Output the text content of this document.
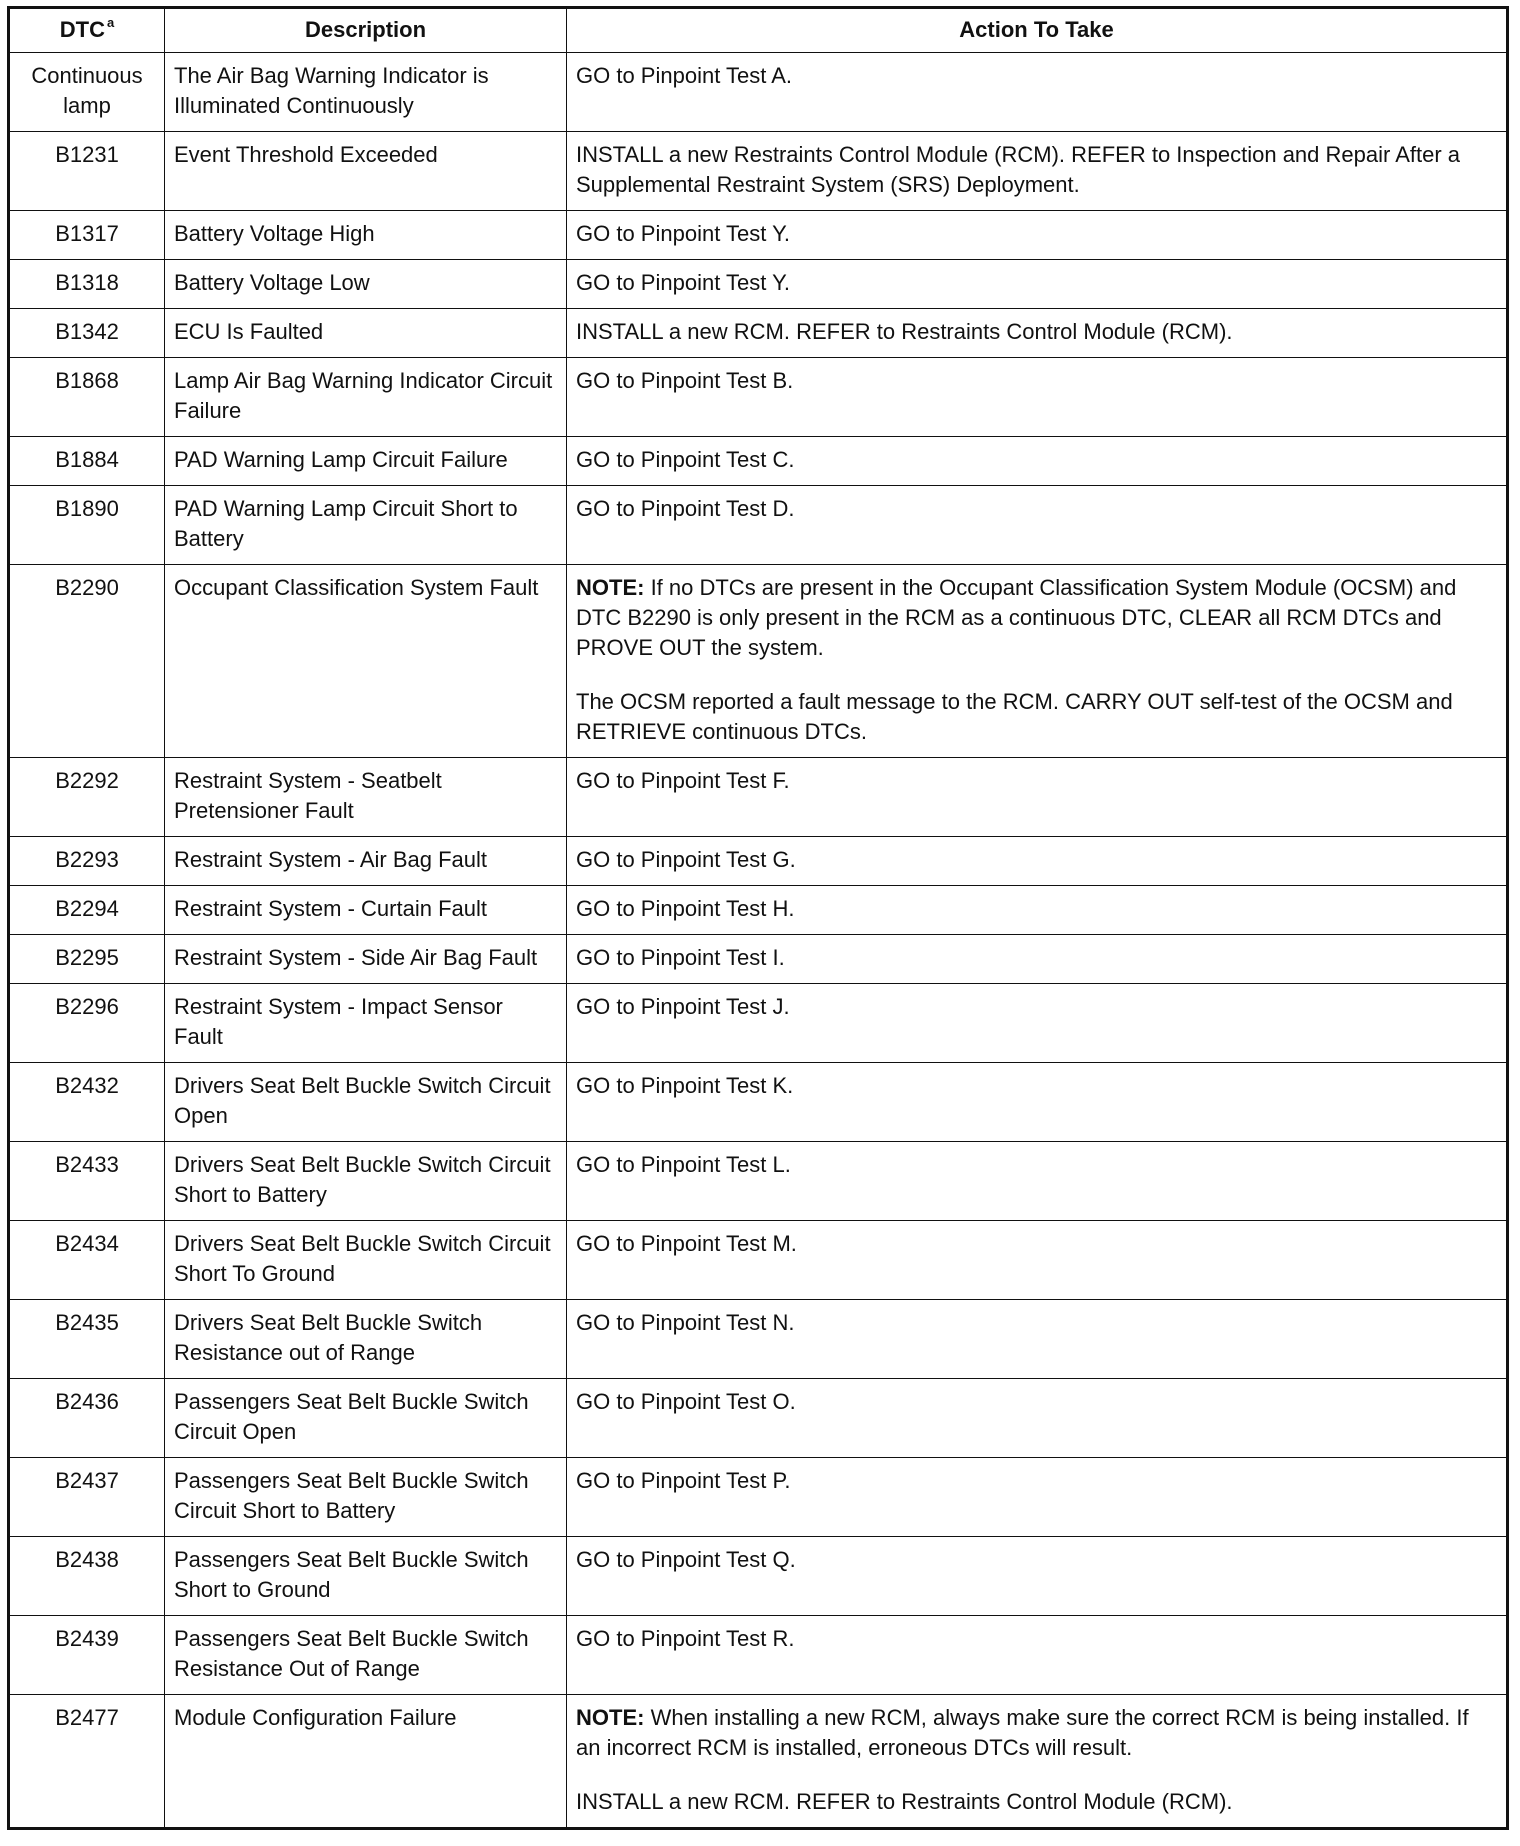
DTC $^a$	Description	Action To Take
Continuous lamp	The Air Bag Warning Indicator is Illuminated Continuously	GO to Pinpoint Test A.

B1231	Event Threshold Exceeded	INSTALL a new Restraints Control Module (RCM). REFER to Inspection and Repair After a Supplemental Restraint System (SRS) Deployment.

B1317	Battery Voltage High	GO to Pinpoint Test Y.

B1318	Battery Voltage Low	GO to Pinpoint Test Y.

B1342	ECU Is Faulted	INSTALL a new RCM. REFER to Restraints Control Module (RCM).

B1868	Lamp Air Bag Warning Indicator Circuit Failure	GO to Pinpoint Test B.

B1884	PAD Warning Lamp Circuit Failure	GO to Pinpoint Test C.

B1890	PAD Warning Lamp Circuit Short to Battery	GO to Pinpoint Test D.

B2290	Occupant Classification System Fault	NOTE: If no DTCs are present in the Occupant Classification System Module (OCSM) and DTC B2290 is only present in the RCM as a continuous DTC, CLEAR all RCM DTCs and PROVE OUT the system.

The OCSM reported a fault message to the RCM. CARRY OUT self-test of the OCSM and RETRIEVE continuous DTCs.

B2292	Restraint System - Seatbelt Pretensioner Fault	GO to Pinpoint Test F.

B2293	Restraint System - Air Bag Fault	GO to Pinpoint Test G.

B2294	Restraint System - Curtain Fault	GO to Pinpoint Test H.

B2295	Restraint System - Side Air Bag Fault	GO to Pinpoint Test I.

B2296	Restraint System - Impact Sensor Fault	GO to Pinpoint Test J.

B2432	Drivers Seat Belt Buckle Switch Circuit Open	GO to Pinpoint Test K.

B2433	Drivers Seat Belt Buckle Switch Circuit Short to Battery	GO to Pinpoint Test L.

B2434	Drivers Seat Belt Buckle Switch Circuit Short To Ground	GO to Pinpoint Test M.

B2435	Drivers Seat Belt Buckle Switch Resistance out of Range	GO to Pinpoint Test N.

B2436	Passengers Seat Belt Buckle Switch Circuit Open	GO to Pinpoint Test O.

B2437	Passengers Seat Belt Buckle Switch Circuit Short to Battery	GO to Pinpoint Test P.

B2438	Passengers Seat Belt Buckle Switch Short to Ground	GO to Pinpoint Test Q.

B2439	Passengers Seat Belt Buckle Switch Resistance Out of Range	GO to Pinpoint Test R.

B2477	Module Configuration Failure	NOTE: When installing a new RCM, always make sure the correct RCM is being installed. If an incorrect RCM is installed, erroneous DTCs will result.

INSTALL a new RCM. REFER to Restraints Control Module (RCM).
